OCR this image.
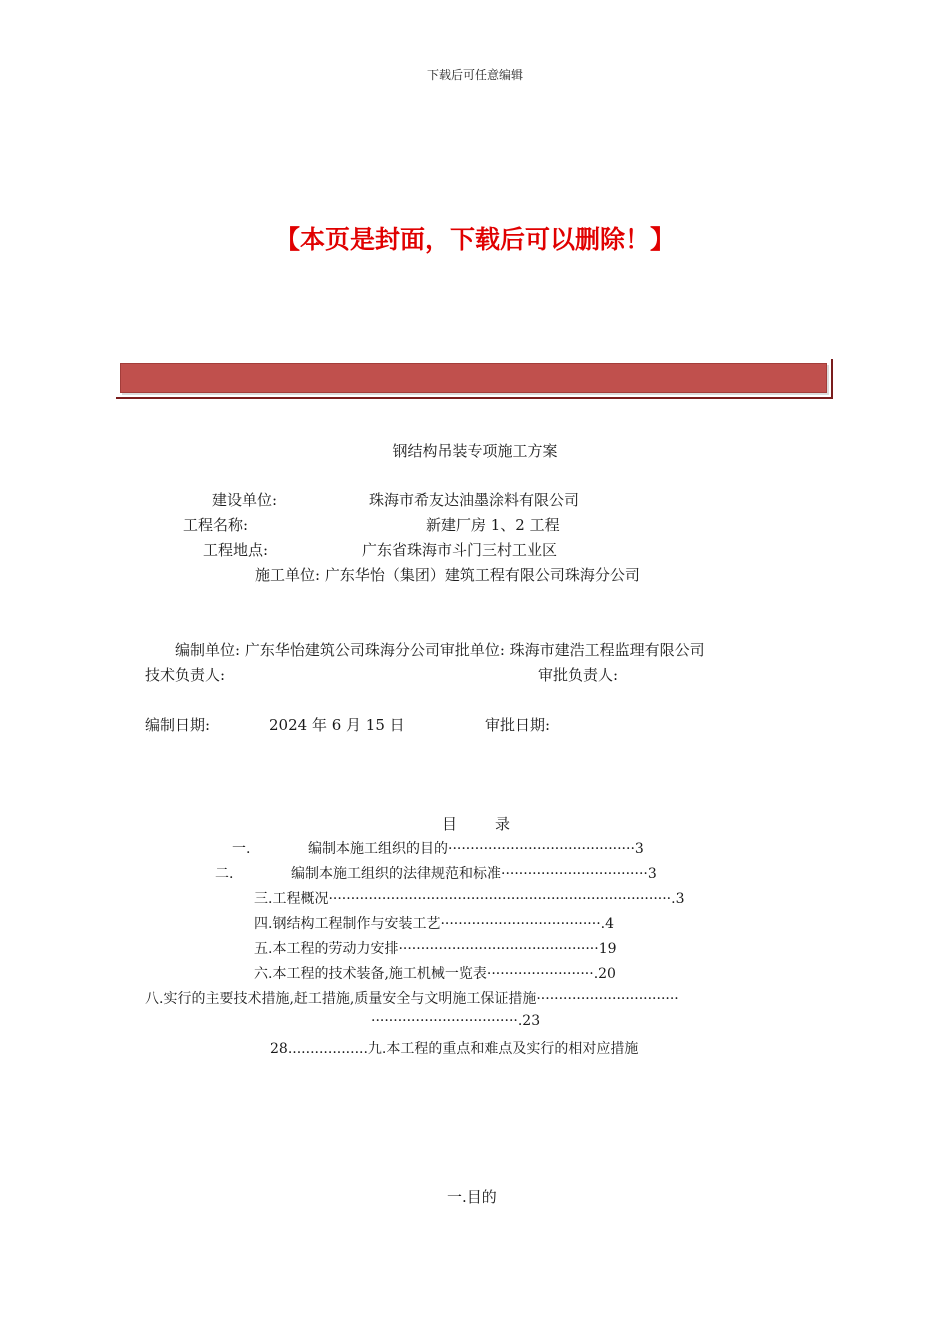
下载后可任意编辑
【本页是封面，下载后可以删除！】
钢结构吊装专项施工方案
建设单位:	珠海市希友达油墨涂料有限公司
工程名称:	新建厂房 1、2 工程
工程地点:	广东省珠海市斗门三村工业区
施工单位: 广东华怡（集团）建筑工程有限公司珠海分公司
编制单位: 广东华怡建筑公司珠海分公司审批单位: 珠海市建浩工程监理有限公司
技术负责人:	审批负责人:
编制日期:	2024 年 6 月 15 日	审批日期:
目	录
一.	编制本施工组织的目的··········································3
二.	编制本施工组织的法律规范和标准·································3
三.工程概况·············································································.3
四.钢结构工程制作与安装工艺····································.4
五.本工程的劳动力安排·············································19
六.本工程的技术装备,施工机械一览表························.20
八.实行的主要技术措施,赶工措施,质量安全与文明施工保证措施································
·································.23
28..................九.本工程的重点和难点及实行的相对应措施
一.目的
